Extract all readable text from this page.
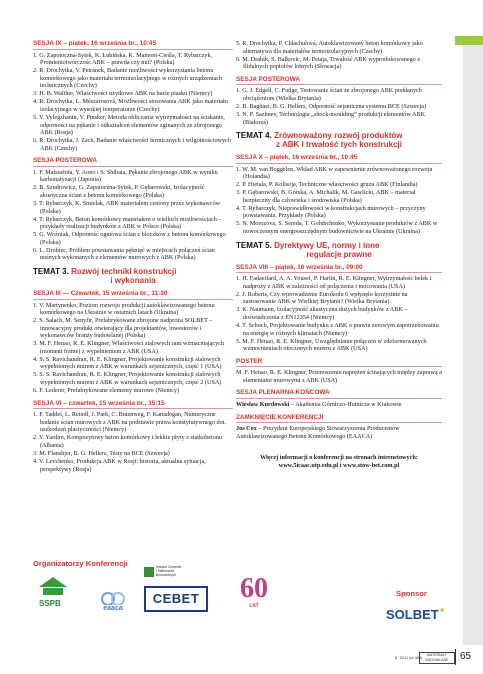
SESJA IX – piątek, 16 września br., 10:45
1. G. Zapotoczna-Sytek, K. Łubińska, K. Mamont-Cieśla, T. Rybarczyk, Promieniotwórczość ABK – prawda czy mit? (Polska)
2. R. Drochytka, V. Petránek, Badanie możliwości wykorzystania betonu komórkowego jako materiału termoizolacyjnego w różnych urządzeniach technicznych (Czechy)
3. H. B. Walther, Właściwości użytkowe ABK na bazie piasku (Niemcy)
4. R. Drochytka, L. Mészárosová, Możliwości stosowania ABK jako materiału izolacyjnego w wysokiej temperaturze (Czechy)
5. V. Vylegzhanin, V. Pinsker, Metoda obliczania wytrzymałości na ściskanie, odporności na pękanie i odkształceń elementów zginanych ze zbrojonego ABK (Rosja)
6. R. Drochytka, J. Zach, Badanie właściwości termicznych i wilgotnościowych ABK (Czechy)
SESJA POSTEROWA
1. F. Matsushita, Y. Aono i S. Shibata, Pękanie zbrojonego ABK w wyniku karbonatyzacji (Japonia)
2. B. Szudrowicz, G. Zapotoczna-Sytek, P. Gębarowski, Izolacyjność akustyczna ścian z betonu komórkowego (Polska)
3. T. Rybarczyk, K. Śmielak, ABK materiałem ceniony przez wykonawców (Polska)
4. T. Rybarczyk, Beton komórkowy materiałem o wielkich możliwościach – przykłady realizacji budynków z ABK w Polsce (Polska)
5. G. Woźniak, Odporność ogniowa ścian z bloczków z betonu komórkowego (Polska)
6. L. Drobiec, Problem powstawania pęknięć w miejscach połączeń ścian nośnych wykonanych z elementów murowych z ABK (Polska)
TEMAT 3. Rozwój techniki konstrukcji
i wykonania
SESJA III — Czwartek, 15 września br., 11:30
1. V. Martynenko, Poziom rozwoju produkcji autoklawizowanego betonu komórkowego na Ukrainie w ostatnich latach (Ukraina)
2. S. Salach, M. Senyfir, Prefabrykowane zbrojone nadproża SOLBET – innowacyjny produkt otwierający dla projektantów, inwestorów i wykonawców branży budowlanej (Polska)
3. M. F. Henao, R. E. Klingner, Właściwości stalowych ram wzmacniających (moment frame) z wypełnieniem z ABK (USA)
4. S. S. Ravichandran, R. E. Klingner, Projektowanie konstrukcji stalowych wypełnionych murem z ABK w warunkach sejsmicznych, część 1 (USA)
5. S. S. Ravichandran, R. E. Klingner, Projektowanie konstrukcji stalowych wypełnionych murem z ABK w warunkach sejsmicznych, część 2 (USA)
6. F. Lederer, Prefabrykowane elementy murowe (Niemcy)
SESJA VI – czwartek, 15 września br., 15:15
1. F. Taddei, L. Reindl, J. Park, C. Butenweg, F. Kanadogan, Numeryczne badanie ścian murowych z ABK na podstawie prawa konstytutywnego dot. uszkodzeń plastyczności (Niemcy)
2. Y. Yardim, Kompozytowy beton komórkowy i lekkie płyty z siatkobetonu (Albania)
3. M. Flansbjer, B. G. Hellers, Testy na BCE (Szwecja)
4. V. Levchenko, Produkcja ABK w Rosji: historia, aktualna sytuacja, perspektywy (Rosja)
5. R. Drochytka, P. Chlachulová, Autoklawizowany beton komórkowy jako alternatywa dla materiałów termoizolacyjnych (Czechy)
6. M. Drabik, S. Balkovic, M. Petaja, Trwałość ABK wyprodukowanego z flidalnych popiołów lotnych (Słowacja)
SESJA POSTEROWA
1. G. J. Edgell, C. Fudge, Testowanie ścian ze zbrojonego ABK poddanych obciążeniom (Wielka Brytania)
2. B. Baghaei, B. G. Hellers, Odporność sejsmiczna systemu BCE (Szwecja)
3. N. P. Sazhnev, Technologia „shock-moulding” produkcji elementów ABK (Białoruś)
TEMAT 4. Zrównoważony rozwój produktów
z ABK i trwałość tych konstrukcji
SESJA X – piątek, 16 września br., 10:45
1. W. M. van Boggelen, Wkład ABK w zapewnienie zrównoważonego rozwoju (Holandia)
2. P. Hietala, P. Kolisoja, Techniczne właściwości gruzu ABK (Finlandia)
3. P. Gębarowski, B. Górska, A. Michalik, M. Gawlicki, ABK – materiał bezpieczny dla człowieka i środowiska (Polska)
4. T. Rybarczyk, Nieprawidłowości w konstrukcjach murowych – przyczyny powstawania. Przykłady (Polska)
5. N. Morozova, S. Sereda, T. Golubchenko, Wykorzystanie produktów z ABK w nowoczesnym energooszczędnym budownictwie na Ukrainie (Ukraina)
TEMAT 5. Dyrektywy UE, normy i inne
regulacje prawne
SESJA VIII – piątek, 16 września br., 09:00
1. H. Fadaeifard, A. A. Yousef, P. Harlin, R. E. Klingner, Wytrzymałość belek i nadproży z ABK w zależności od połączenia i mocowania (USA)
2. J. Roberts, Czy wprowadzenie Eurokodu 6 wpłynęło korzystnie na zastosowanie ABK w Wielkiej Brytanii? (Wielka Brytania)
3. K. Naumann, Izolacyjność akustyczna dużych budynków z ABK – doświadczenia z EN12354 (Niemcy)
4. T. Schoch, Projektowanie budynku z ABK o prawie zerowym zapotrzebowaniu na energię w różnych klimatach (Niemcy)
5. M. F. Henao, R. E. Klingner, Uwzględnianie połączeń w zdeformowanych wzmocnieniach otoczonych murem z ABK (USA)
POSTER
M. F. Henao, R. E. Klingner, Przenoszenie naprężeń ścinających między zaprawą a elementami murowymi z ABK (USA)
SESJA PLENARNA KOŃCOWA
Wiesław Kurdowski – Akademia Górniczo-Hutnicza w Krakowie
ZAMKNIĘCIE KONFERENCJI
Jos Cox – Prezydent Europejskiego Stowarzyszenia Producentów Autoklawizowanego Betonu Komórkowego (EAACA)
Więcej informacji o konferencji na stronach internetowych:
www.5icaac.utp.edu.pl i www.stow-bet.com.pl
Organizatorzy Konferencji
Sponsor
SSPB	eaaca
Instytut Ceramiki
i Materiałów
Budowlanych
CEBET 60
LAT
SOLBET
8 ’ 2011 (nr 468)
MATERIAŁY BUDOWLANE	65
